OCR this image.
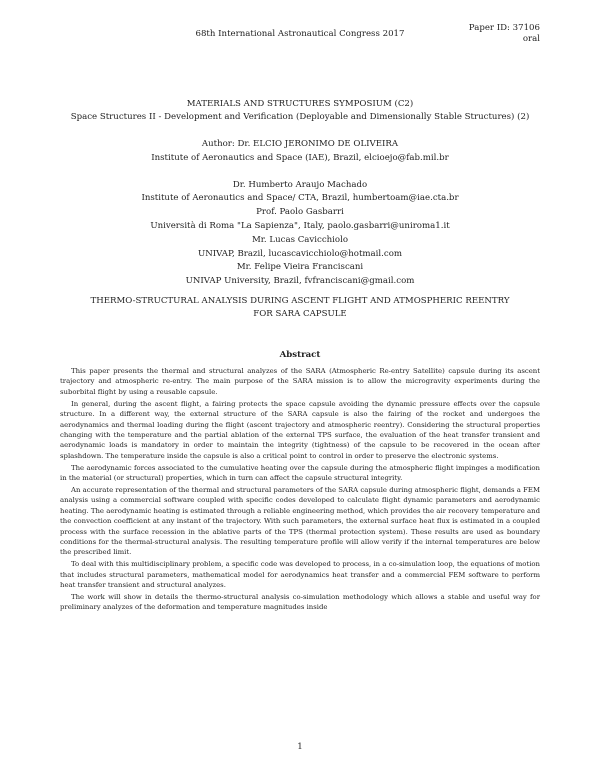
68th International Astronautical Congress 2017
Paper ID: 37106
oral
MATERIALS AND STRUCTURES SYMPOSIUM (C2)
Space Structures II - Development and Verification (Deployable and Dimensionally Stable Structures) (2)
Author: Dr. ELCIO JERONIMO DE OLIVEIRA
Institute of Aeronautics and Space (IAE), Brazil, elcioejo@fab.mil.br
Dr. Humberto Araujo Machado
Institute of Aeronautics and Space/ CTA, Brazil, humbertoam@iae.cta.br
Prof. Paolo Gasbarri
Università di Roma "La Sapienza", Italy, paolo.gasbarri@uniroma1.it
Mr. Lucas Cavicchiolo
UNIVAP, Brazil, lucascavicchiolo@hotmail.com
Mr. Felipe Vieira Franciscani
UNIVAP University, Brazil, fvfranciscani@gmail.com
THERMO-STRUCTURAL ANALYSIS DURING ASCENT FLIGHT AND ATMOSPHERIC REENTRY
FOR SARA CAPSULE
Abstract

This paper presents the thermal and structural analyzes of the SARA (Atmospheric Re-entry Satellite) capsule during its ascent trajectory and atmospheric re-entry. The main purpose of the SARA mission is to allow the microgravity experiments during the suborbital flight by using a reusable capsule.

In general, during the ascent flight, a fairing protects the space capsule avoiding the dynamic pressure effects over the capsule structure. In a different way, the external structure of the SARA capsule is also the fairing of the rocket and undergoes the aerodynamics and thermal loading during the flight (ascent trajectory and atmospheric reentry). Considering the structural properties changing with the temperature and the partial ablation of the external TPS surface, the evaluation of the heat transfer transient and aerodynamic loads is mandatory in order to maintain the integrity (tightness) of the capsule to be recovered in the ocean after splashdown. The temperature inside the capsule is also a critical point to control in order to preserve the electronic systems.

The aerodynamic forces associated to the cumulative heating over the capsule during the atmospheric flight impinges a modification in the material (or structural) properties, which in turn can affect the capsule structural integrity.

An accurate representation of the thermal and structural parameters of the SARA capsule during atmospheric flight, demands a FEM analysis using a commercial software coupled with specific codes developed to calculate flight dynamic parameters and aerodynamic heating. The aerodynamic heating is estimated through a reliable engineering method, which provides the air recovery temperature and the convection coefficient at any instant of the trajectory. With such parameters, the external surface heat flux is estimated in a coupled process with the surface recession in the ablative parts of the TPS (thermal protection system). These results are used as boundary conditions for the thermal-structural analysis. The resulting temperature profile will allow verify if the internal temperatures are below the prescribed limit.

To deal with this multidisciplinary problem, a specific code was developed to process, in a co-simulation loop, the equations of motion that includes structural parameters, mathematical model for aerodynamics heat transfer and a commercial FEM software to perform heat transfer transient and structural analyzes.

The work will show in details the thermo-structural analysis co-simulation methodology which allows a stable and useful way for preliminary analyzes of the deformation and temperature magnitudes inside

1
